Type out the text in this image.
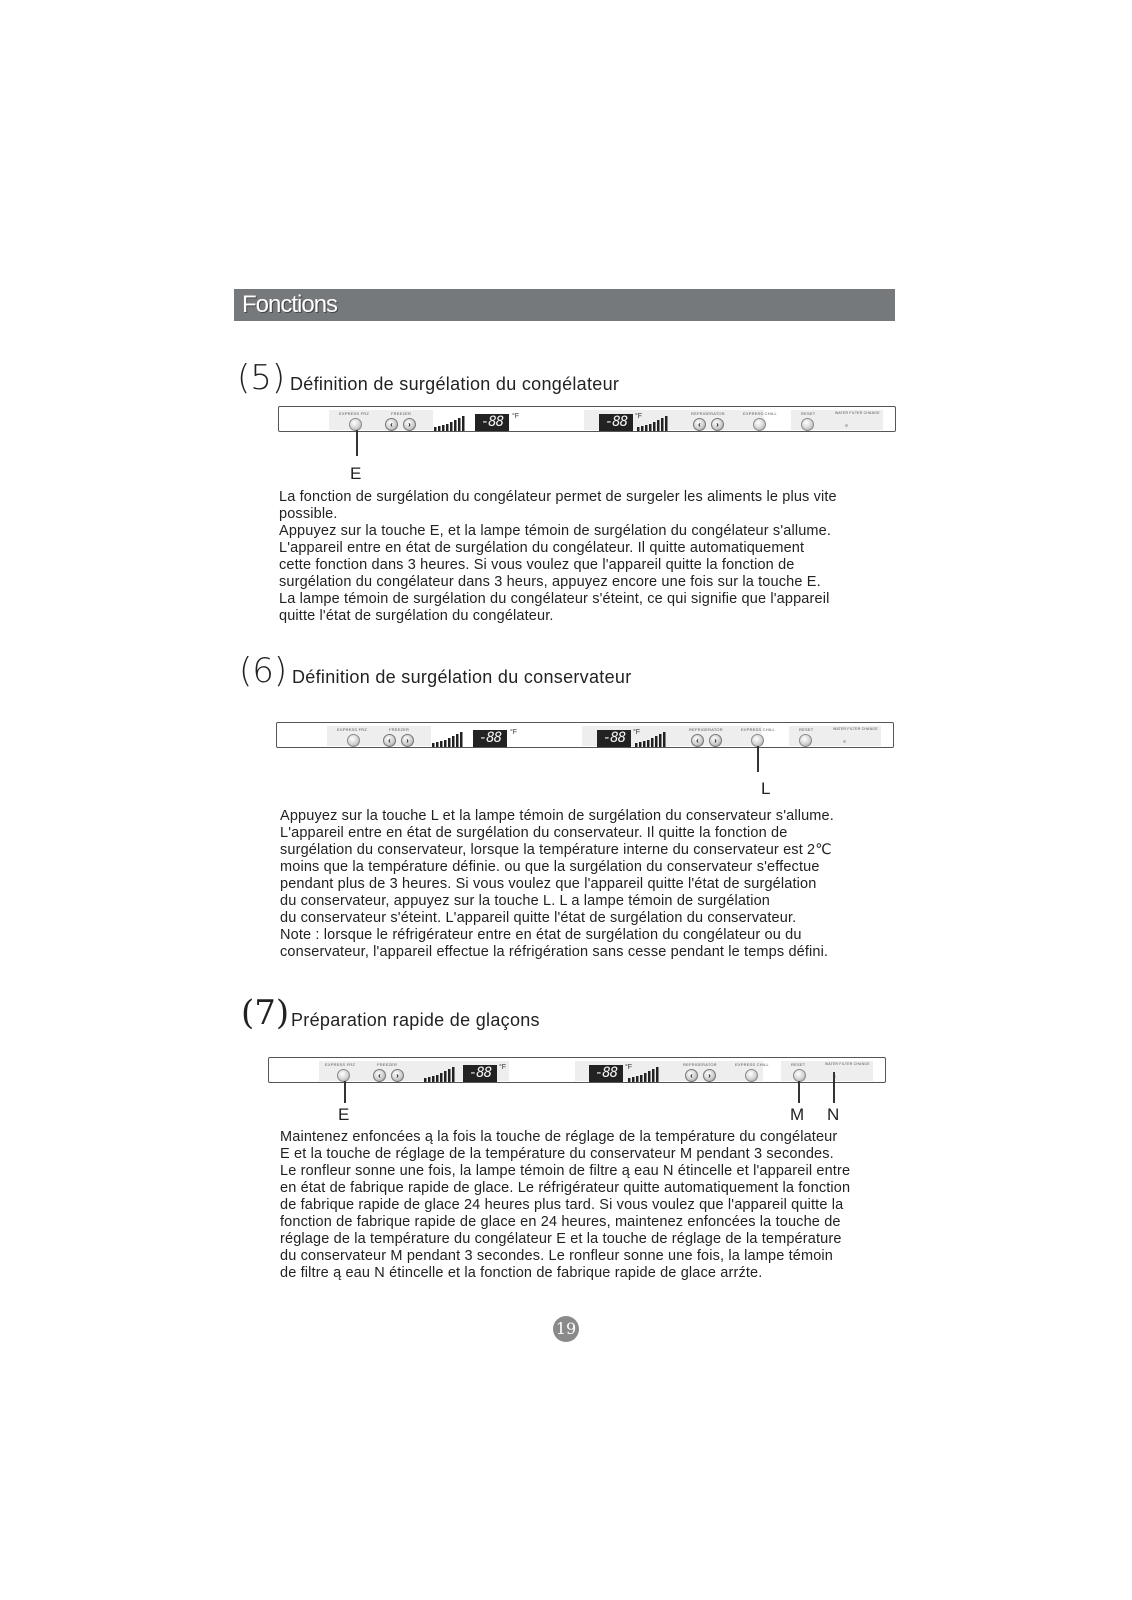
Fonctions
(5) Définition de surgélation du congélateur
EXPRESS FRZ	FREEZER
‹	›	-88	°F	-88	°F	REFRIGERATOR	EXPRESS CHILL
‹	›
RESET	WATER FILTER CHANGE
E
La fonction de surgélation du congélateur permet de surgeler les aliments le plus vite
possible.
Appuyez sur la touche E, et la lampe témoin de surgélation du congélateur s'allume.
L'appareil entre en état de surgélation du congélateur. Il quitte automatiquement
cette fonction dans 3 heures. Si vous voulez que l'appareil quitte la fonction de
surgélation du congélateur dans 3 heurs, appuyez encore une fois sur la touche E.
La lampe témoin de surgélation du congélateur s'éteint, ce qui signifie que l'appareil
quitte l'état de surgélation du congélateur.
(6) Définition de surgélation du conservateur
EXPRESS FRZ	FREEZER
‹	›	-88	°F	-88	°F	REFRIGERATOR	EXPRESS CHILL
‹	›
RESET	WATER FILTER CHANGE
L
Appuyez sur la touche L et la lampe témoin de surgélation du conservateur s'allume.
L'appareil entre en état de surgélation du conservateur. Il quitte la fonction de
surgélation du conservateur, lorsque la température interne du conservateur est 2℃
moins que la température définie. ou que la surgélation du conservateur s'effectue
pendant plus de 3 heures. Si vous voulez que l'appareil quitte l'état de surgélation
du conservateur, appuyez sur la touche L. L a lampe témoin de surgélation
du conservateur s'éteint. L'appareil quitte l'état de surgélation du conservateur.
Note : lorsque le réfrigérateur entre en état de surgélation du congélateur ou du
conservateur, l'appareil effectue la réfrigération sans cesse pendant le temps défini.
(7) Préparation rapide de glaçons
EXPRESS FRZ	FREEZER
‹	›	-88	°F	-88	°F	REFRIGERATOR	EXPRESS CHILL
‹	›
RESET	WATER FILTER CHANGE
E	M N
Maintenez enfoncées ą la fois la touche de réglage de la température du congélateur
E et la touche de réglage de la température du conservateur M pendant 3 secondes.
Le ronfleur sonne une fois, la lampe témoin de filtre ą eau N étincelle et l'appareil entre
en état de fabrique rapide de glace. Le réfrigérateur quitte automatiquement la fonction
de fabrique rapide de glace 24 heures plus tard. Si vous voulez que l'appareil quitte la
fonction de fabrique rapide de glace en 24 heures, maintenez enfoncées la touche de
réglage de la température du congélateur E et la touche de réglage de la température
du conservateur M pendant 3 secondes. Le ronfleur sonne une fois, la lampe témoin
de filtre ą eau N étincelle et la fonction de fabrique rapide de glace arrźte.
19
